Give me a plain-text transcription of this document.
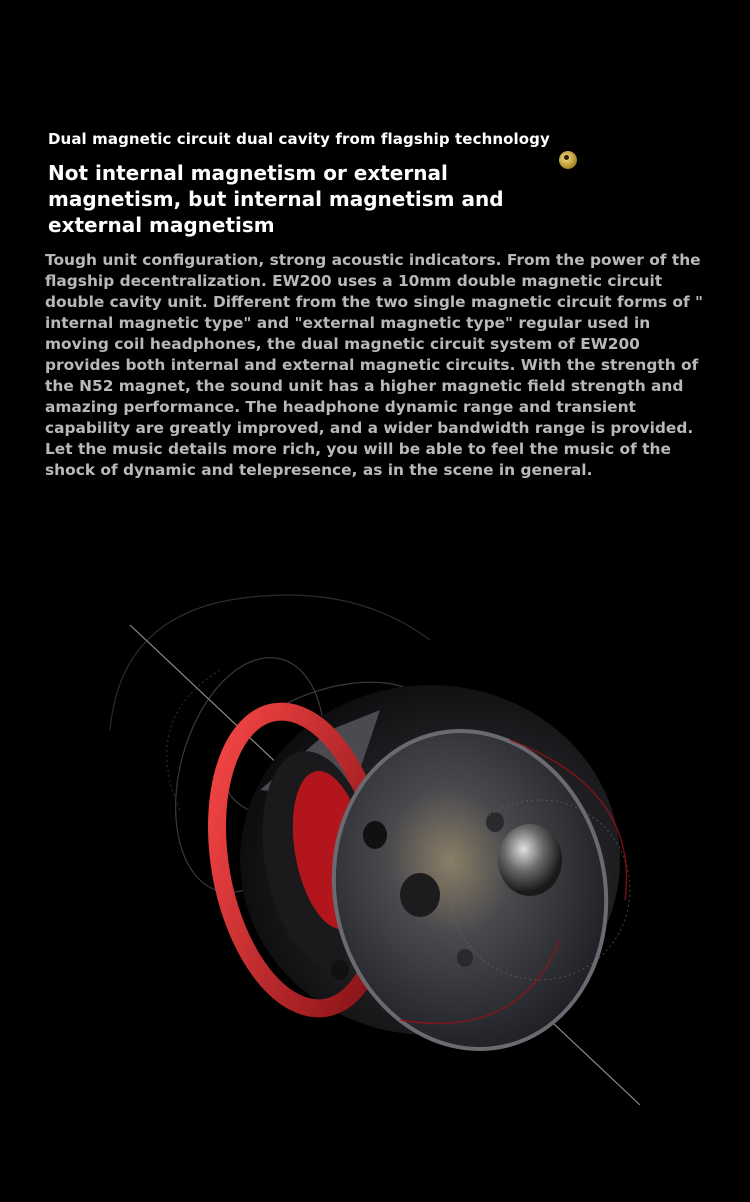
Dual magnetic circuit dual cavity from flagship technology
Not internal magnetism or external magnetism, but internal magnetism and external magnetism
Tough unit configuration, strong acoustic indicators. From the power of the flagship decentralization. EW200 uses a 10mm double magnetic circuit double cavity unit. Different from the two single magnetic circuit forms of " internal magnetic type" and "external magnetic type" regular used in moving coil headphones, the dual magnetic circuit system of EW200 provides both internal and external magnetic circuits. With the strength of the N52 magnet, the sound unit has a higher magnetic field strength and amazing performance. The headphone dynamic range and transient capability are greatly improved, and a wider bandwidth range is provided. Let the music details more rich, you will be able to feel the music of the shock of dynamic and telepresence, as in the scene in general.
